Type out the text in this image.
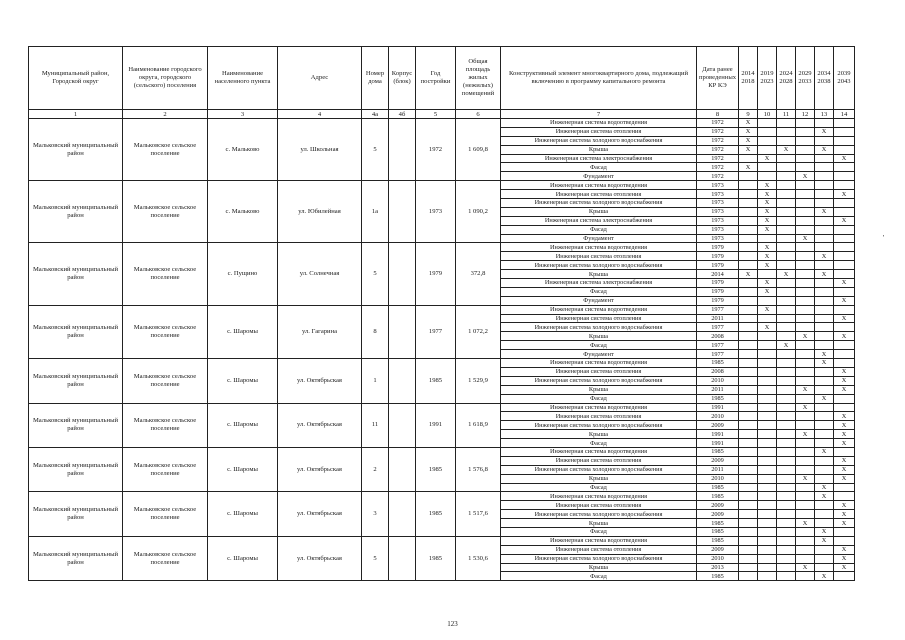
Муниципальный район, Городской округ	Наименование городского округа, городского (сельского) поселения	Наименование населенного пункта	Адрес	Номер дома	Корпус (блок)	Год постройки	Общая площадь жилых (нежилых) помещений	Конструктивный элемент многоквартирного дома, подлежащий включению в программу капитального ремонта	Дата ранее проведенных КР КЭ	2014 2018	2019 2023	2024 2028	2029 2033	2034 2038	2039 2043
1	2	3	4	4а	4б	5	6	7	8	9	10	11	12	13	14
Мальковский муниципальный район	Мальковское сельское поселение	с. Мальково	ул. Школьная	5		1972	1 609,8	Инженерная система водоотведения	1972	X					
								Инженерная система отопления	1972	X				X	
								Инженерная система холодного водоснабжения	1972	X					
								Крыша	1972	X		X		X	
								Инженерная система электроснабжения	1972		X				X
								Фасад	1972	X					
								Фундамент	1972				X		
Мальковский муниципальный район	Мальковское сельское поселение	с. Мальково	ул. Юбилейная	1а		1973	1 090,2	Инженерная система водоотведения	1973		X				
								Инженерная система отопления	1973		X				X
								Инженерная система холодного водоснабжения	1973		X				
								Крыша	1973		X			X	
								Инженерная система электроснабжения	1973		X				X
								Фасад	1973		X				
								Фундамент	1973				X		
Мальковский муниципальный район	Мальковское сельское поселение	с. Пущино	ул. Солнечная	5		1979	372,8	Инженерная система водоотведения	1979		X				
								Инженерная система отопления	1979		X			X	
								Инженерная система холодного водоснабжения	1979		X				
								Крыша	2014	X		X		X	
								Инженерная система электроснабжения	1979		X				X
								Фасад	1979		X				
								Фундамент	1979						X
Мальковский муниципальный район	Мальковское сельское поселение	с. Шаромы	ул. Гагарина	8		1977	1 072,2	Инженерная система водоотведения	1977		X				
								Инженерная система отопления	2011						X
								Инженерная система холодного водоснабжения	1977		X				
								Крыша	2008				X		X
								Фасад	1977			X			
								Фундамент	1977					X	
Мальковский муниципальный район	Мальковское сельское поселение	с. Шаромы	ул. Октябрьская	1		1985	1 529,9	Инженерная система водоотведения	1985					X	
								Инженерная система отопления	2008						X
								Инженерная система холодного водоснабжения	2010						X
								Крыша	2011				X		X
								Фасад	1985					X	
Мальковский муниципальный район	Мальковское сельское поселение	с. Шаромы	ул. Октябрьская	11		1991	1 618,9	Инженерная система водоотведения	1991				X		
								Инженерная система отопления	2010						X
								Инженерная система холодного водоснабжения	2009						X
								Крыша	1991				X		X
								Фасад	1991						X
Мальковский муниципальный район	Мальковское сельское поселение	с. Шаромы	ул. Октябрьская	2		1985	1 576,8	Инженерная система водоотведения	1985					X	
								Инженерная система отопления	2009						X
								Инженерная система холодного водоснабжения	2011						X
								Крыша	2010				X		X
								Фасад	1985					X	
Мальковский муниципальный район	Мальковское сельское поселение	с. Шаромы	ул. Октябрьская	3		1985	1 517,6	Инженерная система водоотведения	1985					X	
								Инженерная система отопления	2009						X
								Инженерная система холодного водоснабжения	2009						X
								Крыша	1985				X		X
								Фасад	1985					X	
Мальковский муниципальный район	Мальковское сельское поселение	с. Шаромы	ул. Октябрьская	5		1985	1 530,6	Инженерная система водоотведения	1985					X	
								Инженерная система отопления	2009						X
								Инженерная система холодного водоснабжения	2010						X
								Крыша	2013				X		X
								Фасад	1985					X	
123
'
